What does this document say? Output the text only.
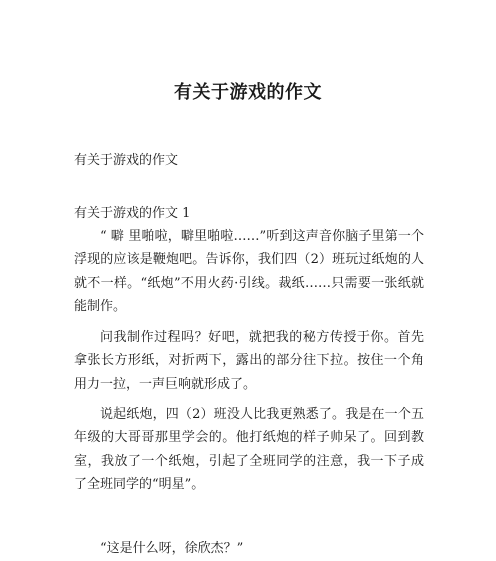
有关于游戏的作文
有关于游戏的作文
有关于游戏的作文 1

“ 噼 里啪啦，噼里啪啦……”听到这声音你脑子里第一个浮现的应该是鞭炮吧。告诉你，我们四（2）班玩过纸炮的人就不一样。“纸炮”不用火药·引线。裁纸……只需要一张纸就能制作。

问我制作过程吗？好吧，就把我的秘方传授于你。首先拿张长方形纸，对折两下，露出的部分往下拉。按住一个角用力一拉，一声巨响就形成了。

说起纸炮，四（2）班没人比我更熟悉了。我是在一个五年级的大哥哥那里学会的。他打纸炮的样子帅呆了。回到教室，我放了一个纸炮，引起了全班同学的注意，我一下子成了全班同学的“明星”。

“这是什么呀，徐欣杰？”
